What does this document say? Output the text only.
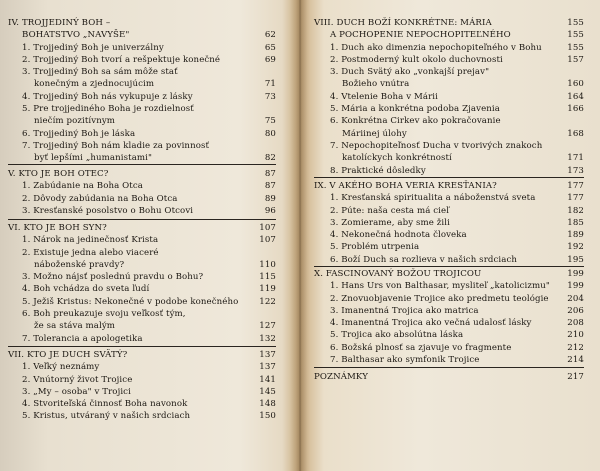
IV. TROJJEDINÝ BOH –
BOHATSTVO „NAVYŠE"	62
1. Trojjediný Boh je univerzálny	65
2. Trojjediný Boh tvorí a rešpektuje konečné	69
3. Trojjediný Boh sa sám môže stať
konečným a zjednocujúcim	71
4. Trojjediný Boh nás vykupuje z lásky	73
5. Pre trojjediného Boha je rozdielnosť
niečím pozitívnym	75
6. Trojjediný Boh je láska	80
7. Trojjediný Boh nám kladie za povinnosť
byť lepšími „humanistami"	82
V. KTO JE BOH OTEC?	87
1. Zabúdanie na Boha Otca	87
2. Dôvody zabúdania na Boha Otca	89
3. Kresťanské posolstvo o Bohu Otcovi	96
VI. KTO JE BOH SYN?	107
1. Nárok na jedinečnosť Krista	107
2. Existuje jedna alebo viaceré
náboženské pravdy?	110
3. Možno nájsť poslednú pravdu o Bohu?	115
4. Boh vchádza do sveta ľudí	119
5. Ježiš Kristus: Nekonečné v podobe konečného 122
6. Boh preukazuje svoju veľkosť tým,
že sa stáva malým	127
7. Tolerancia a apologetika	132
VII. KTO JE DUCH SVÄTÝ?	137
1. Veľký neznámy	137
2. Vnútorný život Trojice	141
3. „My – osoba" v Trojici	145
4. Stvoriteľská činnosť Boha navonok	148
5. Kristus, utváraný v našich srdciach	150
VIII. DUCH BOŽÍ KONKRÉTNE: MÁRIA	155
A POCHOPENIE NEPOCHOPITEĽNÉHO	155
1. Duch ako dimenzia nepochopiteľného v Bohu	155
2. Postmoderný kult okolo duchovnosti	157
3. Duch Svätý ako „vonkajší prejav"
Božieho vnútra	160
4. Vtelenie Boha v Márii	164
5. Mária a konkrétna podoba Zjavenia	166
6. Konkrétna Cirkev ako pokračovanie
Máriinej úlohy	168
7. Nepochopiteľnosť Ducha v tvorivých znakoch
katolíckych konkrétností	171
8. Praktické dôsledky	173
IX. V AKÉHO BOHA VERIA KRESŤANIA?	177
1. Kresťanská spiritualita a náboženstvá sveta	177
2. Púte: naša cesta má cieľ	182
3. Zomierame, aby sme žili	185
4. Nekonečná hodnota človeka	189
5. Problém utrpenia	192
6. Boží Duch sa rozlieva v našich srdciach	195
X. FASCINOVANÝ BOŽOU TROJICOU	199
1. Hans Urs von Balthasar, mysliteľ „katolicizmu" 199
2. Znovuobjavenie Trojice ako predmetu teológie 204
3. Imanentná Trojica ako matrica	206
4. Imanentná Trojica ako večná udalosť lásky	208
5. Trojica ako absolútna láska	210
6. Božská plnosť sa zjavuje vo fragmente	212
7. Balthasar ako symfonik Trojice	214
POZNÁMKY	217
